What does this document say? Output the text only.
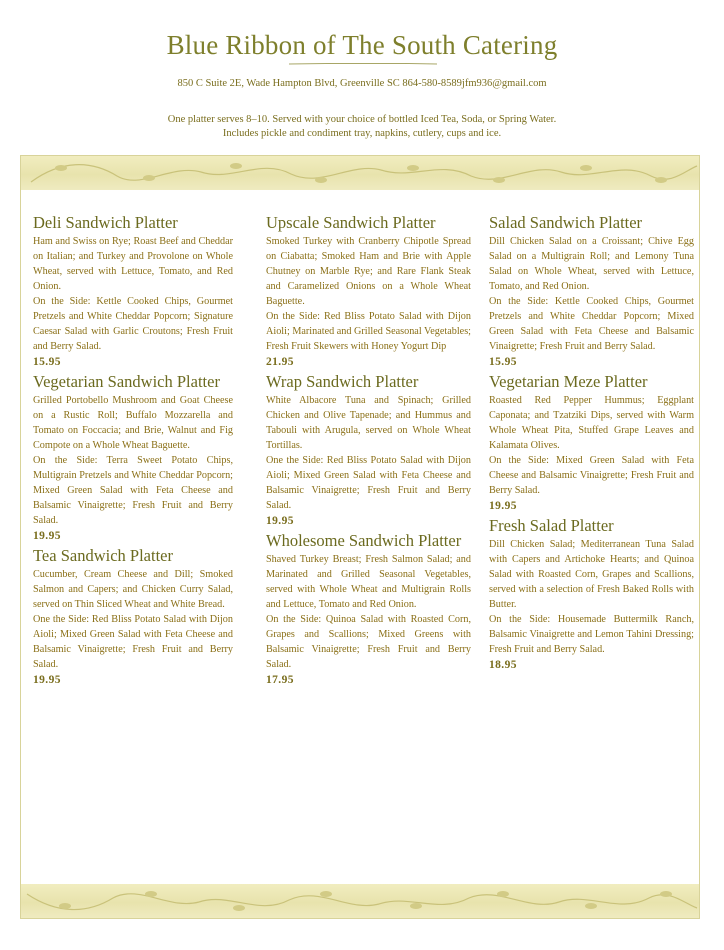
Blue Ribbon of The South Catering
850 C Suite 2E, Wade Hampton Blvd, Greenville SC 864-580-8589jfm936@gmail.com
One platter serves 8–10. Served with your choice of bottled Iced Tea, Soda, or Spring Water.
Includes pickle and condiment tray, napkins, cutlery, cups and ice.
Deli Sandwich Platter

Ham and Swiss on Rye; Roast Beef and Cheddar on Italian; and Turkey and Provolone on Whole Wheat, served with Lettuce, Tomato, and Red Onion.

On the Side: Kettle Cooked Chips, Gourmet Pretzels and White Cheddar Popcorn; Signature Caesar Salad with Garlic Croutons; Fresh Fruit and Berry Salad.

15.95

Vegetarian Sandwich Platter

Grilled Portobello Mushroom and Goat Cheese on a Rustic Roll; Buffalo Mozzarella and Tomato on Foccacia; and Brie, Walnut and Fig Compote on a Whole Wheat Baguette.

On the Side: Terra Sweet Potato Chips, Multigrain Pretzels and White Cheddar Popcorn; Mixed Green Salad with Feta Cheese and Balsamic Vinaigrette; Fresh Fruit and Berry Salad.

19.95

Tea Sandwich Platter

Cucumber, Cream Cheese and Dill; Smoked Salmon and Capers; and Chicken Curry Salad, served on Thin Sliced Wheat and White Bread.

One the Side: Red Bliss Potato Salad with Dijon Aioli; Mixed Green Salad with Feta Cheese and Balsamic Vinaigrette; Fresh Fruit and Berry Salad.

19.95

Upscale Sandwich Platter

Smoked Turkey with Cranberry Chipotle Spread on Ciabatta; Smoked Ham and Brie with Apple Chutney on Marble Rye; and Rare Flank Steak and Caramelized Onions on a Whole Wheat Baguette.

On the Side: Red Bliss Potato Salad with Dijon Aioli; Marinated and Grilled Seasonal Vegetables; Fresh Fruit Skewers with Honey Yogurt Dip

21.95

Wrap Sandwich Platter

White Albacore Tuna and Spinach; Grilled Chicken and Olive Tapenade; and Hummus and Tabouli with Arugula, served on Whole Wheat Tortillas.

One the Side: Red Bliss Potato Salad with Dijon Aioli; Mixed Green Salad with Feta Cheese and Balsamic Vinaigrette; Fresh Fruit and Berry Salad.

19.95

Wholesome Sandwich Platter

Shaved Turkey Breast; Fresh Salmon Salad; and Marinated and Grilled Seasonal Vegetables, served with Whole Wheat and Multigrain Rolls and Lettuce, Tomato and Red Onion.

On the Side: Quinoa Salad with Roasted Corn, Grapes and Scallions; Mixed Greens with Balsamic Vinaigrette; Fresh Fruit and Berry Salad.

17.95

Salad Sandwich Platter

Dill Chicken Salad on a Croissant; Chive Egg Salad on a Multigrain Roll; and Lemony Tuna Salad on Whole Wheat, served with Lettuce, Tomato, and Red Onion.

On the Side: Kettle Cooked Chips, Gourmet Pretzels and White Cheddar Popcorn; Mixed Green Salad with Feta Cheese and Balsamic Vinaigrette; Fresh Fruit and Berry Salad.

15.95

Vegetarian Meze Platter

Roasted Red Pepper Hummus; Eggplant Caponata; and Tzatziki Dips, served with Warm Whole Wheat Pita, Stuffed Grape Leaves and Kalamata Olives.

On the Side: Mixed Green Salad with Feta Cheese and Balsamic Vinaigrette; Fresh Fruit and Berry Salad.

19.95

Fresh Salad Platter

Dill Chicken Salad; Mediterranean Tuna Salad with Capers and Artichoke Hearts; and Quinoa Salad with Roasted Corn, Grapes and Scallions, served with a selection of Fresh Baked Rolls with Butter.

On the Side: Housemade Buttermilk Ranch, Balsamic Vinaigrette and Lemon Tahini Dressing; Fresh Fruit and Berry Salad.

18.95
